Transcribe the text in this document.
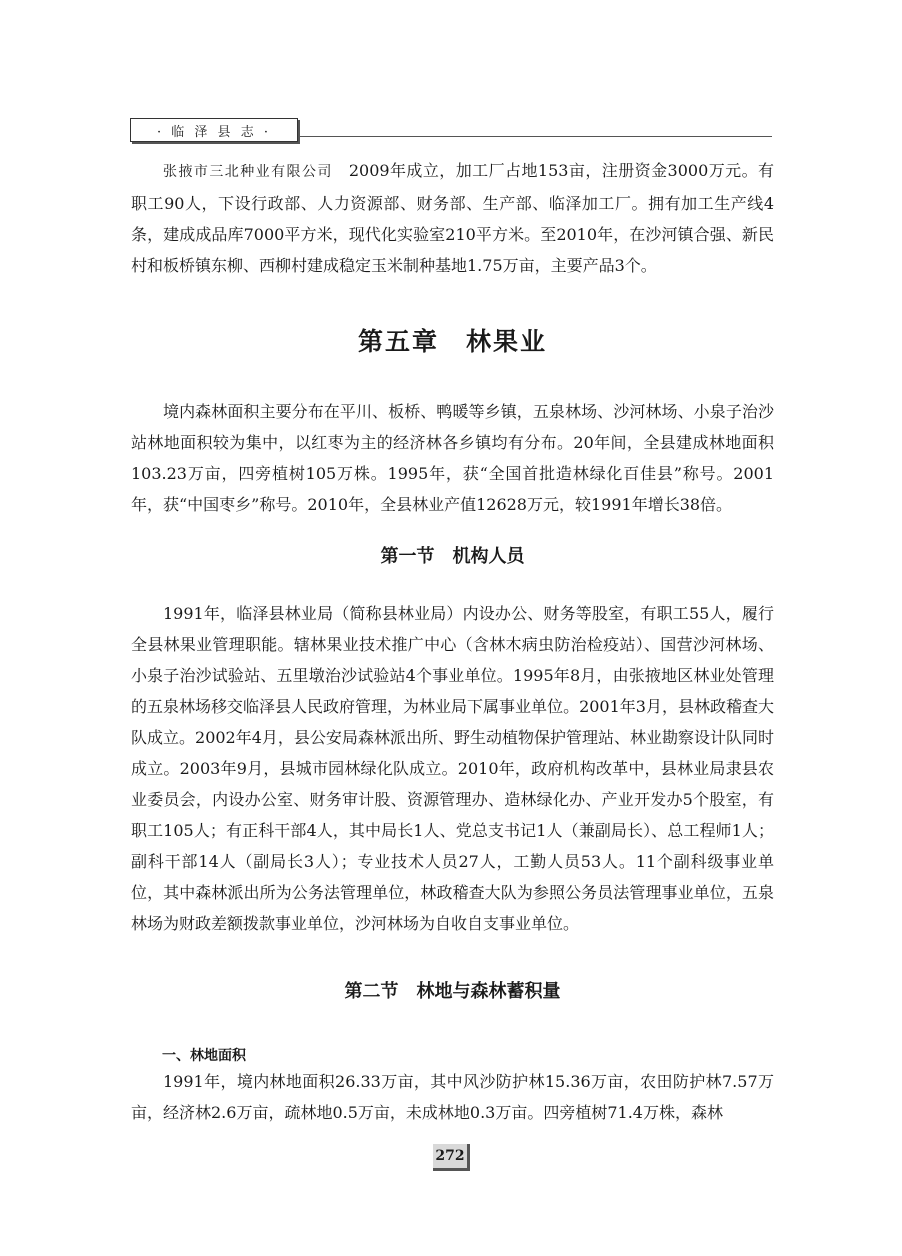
· 临 泽 县 志 ·

张掖市三北种业有限公司 2009年成立，加工厂占地153亩，注册资金3000万元。有职工90人，下设行政部、人力资源部、财务部、生产部、临泽加工厂。拥有加工生产线4条，建成成品库7000平方米，现代化实验室210平方米。至2010年，在沙河镇合强、新民村和板桥镇东柳、西柳村建成稳定玉米制种基地1.75万亩，主要产品3个。

第五章　林果业

境内森林面积主要分布在平川、板桥、鸭暖等乡镇，五泉林场、沙河林场、小泉子治沙站林地面积较为集中，以红枣为主的经济林各乡镇均有分布。20年间，全县建成林地面积103.23万亩，四旁植树105万株。1995年，获“全国首批造林绿化百佳县”称号。2001年，获“中国枣乡”称号。2010年，全县林业产值12628万元，较1991年增长38倍。

第一节　机构人员

1991年，临泽县林业局（简称县林业局）内设办公、财务等股室，有职工55人，履行全县林果业管理职能。辖林果业技术推广中心（含林木病虫防治检疫站）、国营沙河林场、小泉子治沙试验站、五里墩治沙试验站4个事业单位。1995年8月，由张掖地区林业处管理的五泉林场移交临泽县人民政府管理，为林业局下属事业单位。2001年3月，县林政稽查大队成立。2002年4月，县公安局森林派出所、野生动植物保护管理站、林业勘察设计队同时成立。2003年9月，县城市园林绿化队成立。2010年，政府机构改革中，县林业局隶县农业委员会，内设办公室、财务审计股、资源管理办、造林绿化办、产业开发办5个股室，有职工105人；有正科干部4人，其中局长1人、党总支书记1人（兼副局长）、总工程师1人；副科干部14人（副局长3人）；专业技术人员27人，工勤人员53人。11个副科级事业单位，其中森林派出所为公务法管理单位，林政稽查大队为参照公务员法管理事业单位，五泉林场为财政差额拨款事业单位，沙河林场为自收自支事业单位。

第二节　林地与森林蓄积量
一、林地面积

1991年，境内林地面积26.33万亩，其中风沙防护林15.36万亩，农田防护林7.57万亩，经济林2.6万亩，疏林地0.5万亩，未成林地0.3万亩。四旁植树71.4万株，森林

272
